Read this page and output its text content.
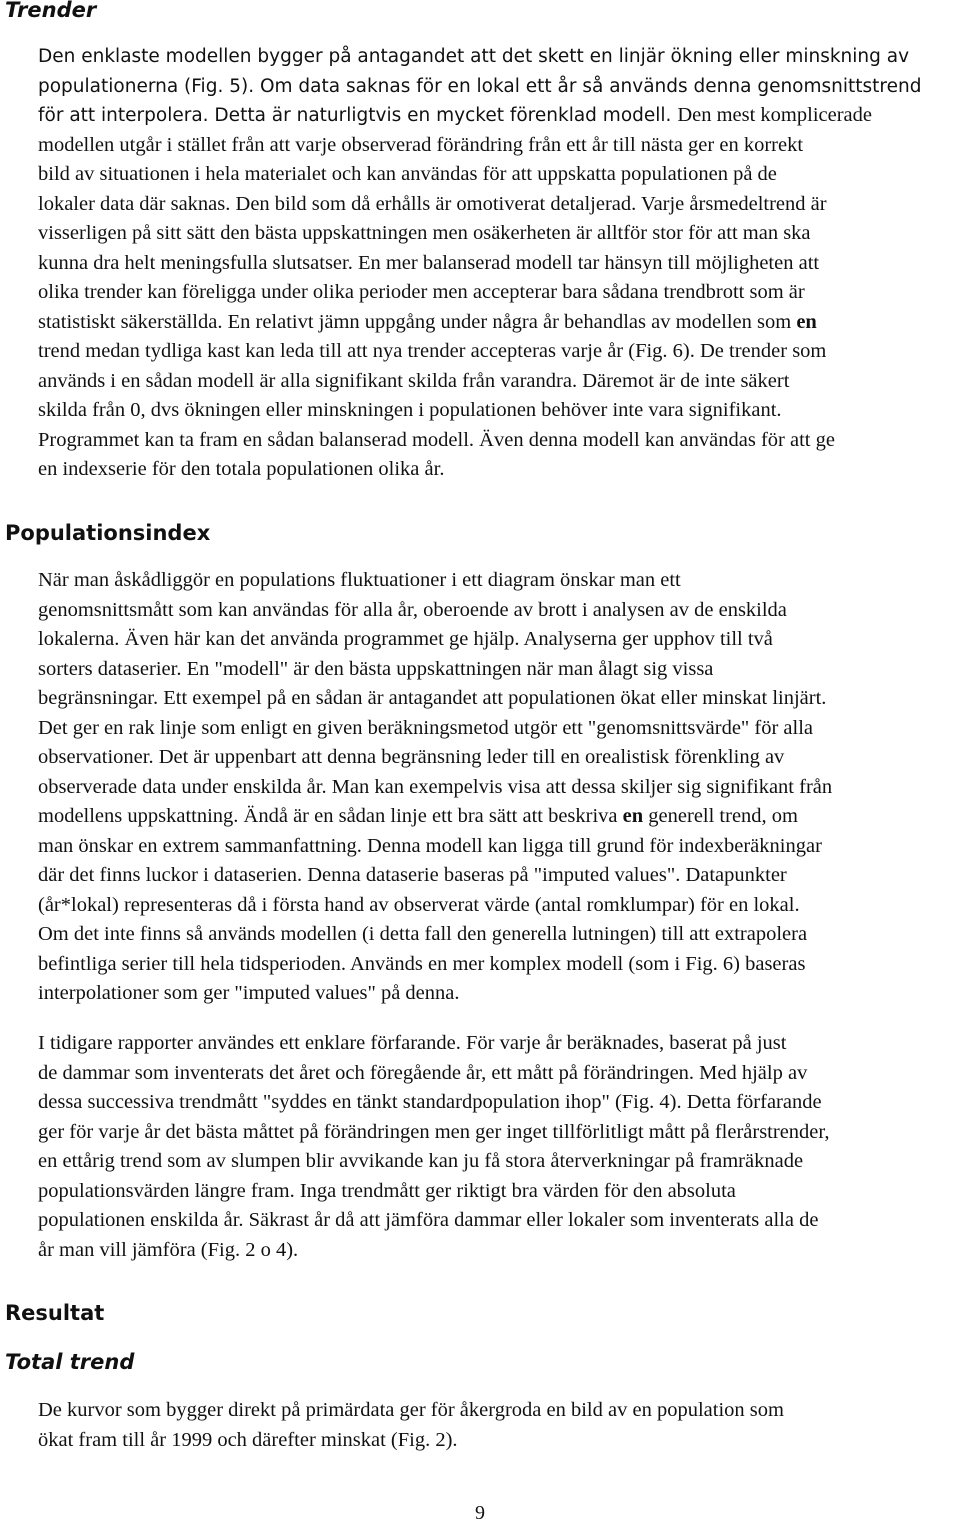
Trender

Den enklaste modellen bygger på antagandet att det skett en linjär ökning eller minskning av
populationerna (Fig. 5). Om data saknas för en lokal ett år så används denna genomsnittstrend
för att interpolera. Detta är naturligtvis en mycket förenklad modell. Den mest komplicerade
modellen utgår i stället från att varje observerad förändring från ett år till nästa ger en korrekt
bild av situationen i hela materialet och kan användas för att uppskatta populationen på de
lokaler data där saknas. Den bild som då erhålls är omotiverat detaljerad. Varje årsmedeltrend är
visserligen på sitt sätt den bästa uppskattningen men osäkerheten är alltför stor för att man ska
kunna dra helt meningsfulla slutsatser. En mer balanserad modell tar hänsyn till möjligheten att
olika trender kan föreligga under olika perioder men accepterar bara sådana trendbrott som är
statistiskt säkerställda. En relativt jämn uppgång under några år behandlas av modellen som en
trend medan tydliga kast kan leda till att nya trender accepteras varje år (Fig. 6). De trender som
används i en sådan modell är alla signifikant skilda från varandra. Däremot är de inte säkert
skilda från 0, dvs ökningen eller minskningen i populationen behöver inte vara signifikant.
Programmet kan ta fram en sådan balanserad modell. Även denna modell kan användas för att ge
en indexserie för den totala populationen olika år.

Populationsindex

När man åskådliggör en populations fluktuationer i ett diagram önskar man ett
genomsnittsmått som kan användas för alla år, oberoende av brott i analysen av de enskilda
lokalerna. Även här kan det använda programmet ge hjälp. Analyserna ger upphov till två
sorters dataserier. En "modell" är den bästa uppskattningen när man ålagt sig vissa
begränsningar. Ett exempel på en sådan är antagandet att populationen ökat eller minskat linjärt.
Det ger en rak linje som enligt en given beräkningsmetod utgör ett "genomsnittsvärde" för alla
observationer. Det är uppenbart att denna begränsning leder till en orealistisk förenkling av
observerade data under enskilda år. Man kan exempelvis visa att dessa skiljer sig signifikant från
modellens uppskattning. Ändå är en sådan linje ett bra sätt att beskriva en generell trend, om
man önskar en extrem sammanfattning. Denna modell kan ligga till grund för indexberäkningar
där det finns luckor i dataserien. Denna dataserie baseras på "imputed values". Datapunkter
(år*lokal) representeras då i första hand av observerat värde (antal romklumpar) för en lokal.
Om det inte finns så används modellen (i detta fall den generella lutningen) till att extrapolera
befintliga serier till hela tidsperioden. Används en mer komplex modell (som i Fig. 6) baseras
interpolationer som ger "imputed values" på denna.

I tidigare rapporter användes ett enklare förfarande. För varje år beräknades, baserat på just
de dammar som inventerats det året och föregående år, ett mått på förändringen. Med hjälp av
dessa successiva trendmått "syddes en tänkt standardpopulation ihop" (Fig. 4). Detta förfarande
ger för varje år det bästa måttet på förändringen men ger inget tillförlitligt mått på flerårstrender,
en ettårig trend som av slumpen blir avvikande kan ju få stora återverkningar på framräknade
populationsvärden längre fram. Inga trendmått ger riktigt bra värden för den absoluta
populationen enskilda år. Säkrast år då att jämföra dammar eller lokaler som inventerats alla de
år man vill jämföra (Fig. 2 o 4).

Resultat
Total trend

De kurvor som bygger direkt på primärdata ger för åkergroda en bild av en population som
ökat fram till år 1999 och därefter minskat (Fig. 2).

9
